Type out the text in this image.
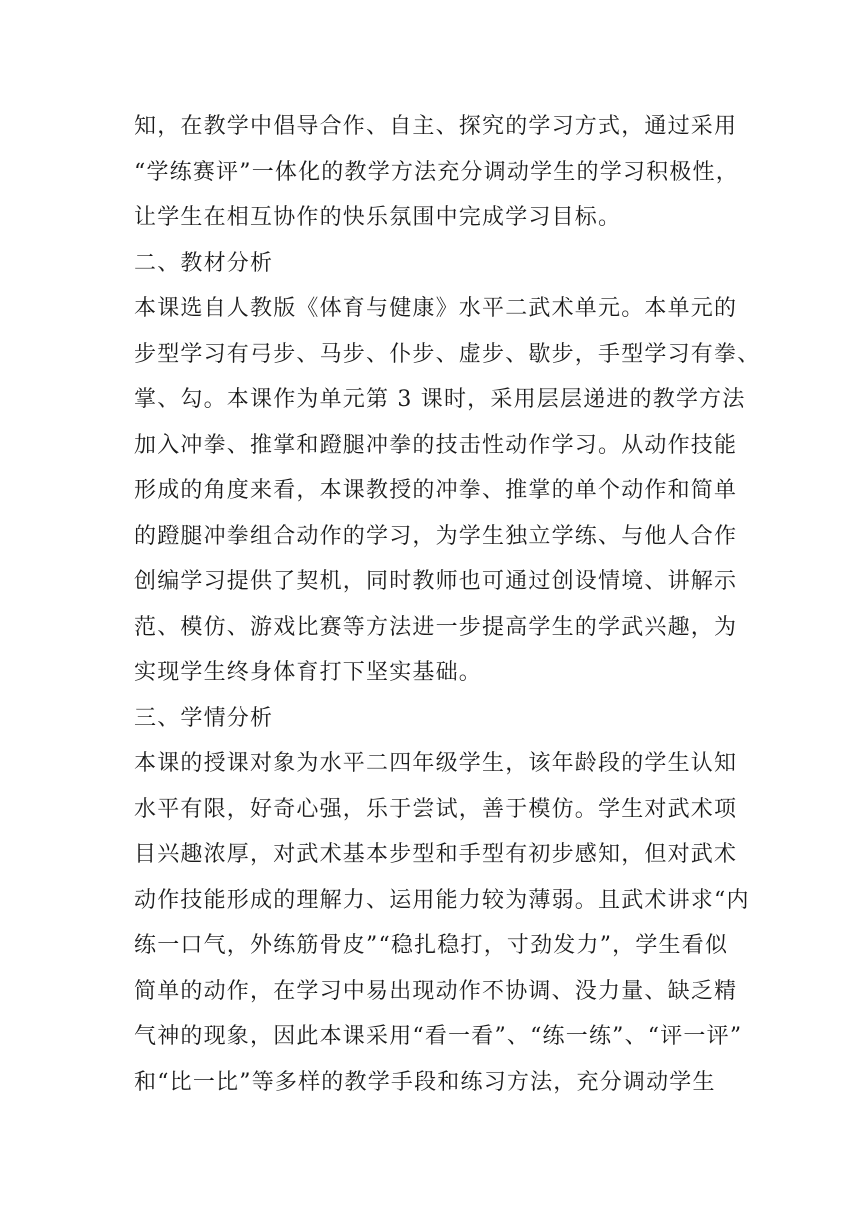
知，在教学中倡导合作、自主、探究的学习方式，通过采用
“学练赛评”一体化的教学方法充分调动学生的学习积极性，
让学生在相互协作的快乐氛围中完成学习目标。
二、教材分析
本课选自人教版《体育与健康》水平二武术单元。本单元的
步型学习有弓步、马步、仆步、虚步、歇步，手型学习有拳、
掌、勾。本课作为单元第 3 课时，采用层层递进的教学方法
加入冲拳、推掌和蹬腿冲拳的技击性动作学习。从动作技能
形成的角度来看，本课教授的冲拳、推掌的单个动作和简单
的蹬腿冲拳组合动作的学习，为学生独立学练、与他人合作
创编学习提供了契机，同时教师也可通过创设情境、讲解示
范、模仿、游戏比赛等方法进一步提高学生的学武兴趣，为
实现学生终身体育打下坚实基础。
三、学情分析
本课的授课对象为水平二四年级学生，该年龄段的学生认知
水平有限，好奇心强，乐于尝试，善于模仿。学生对武术项
目兴趣浓厚，对武术基本步型和手型有初步感知，但对武术
动作技能形成的理解力、运用能力较为薄弱。且武术讲求“内
练一口气，外练筋骨皮”“稳扎稳打，寸劲发力”，学生看似
简单的动作，在学习中易出现动作不协调、没力量、缺乏精
气神的现象，因此本课采用“看一看”、“练一练”、“评一评”
和“比一比”等多样的教学手段和练习方法，充分调动学生
